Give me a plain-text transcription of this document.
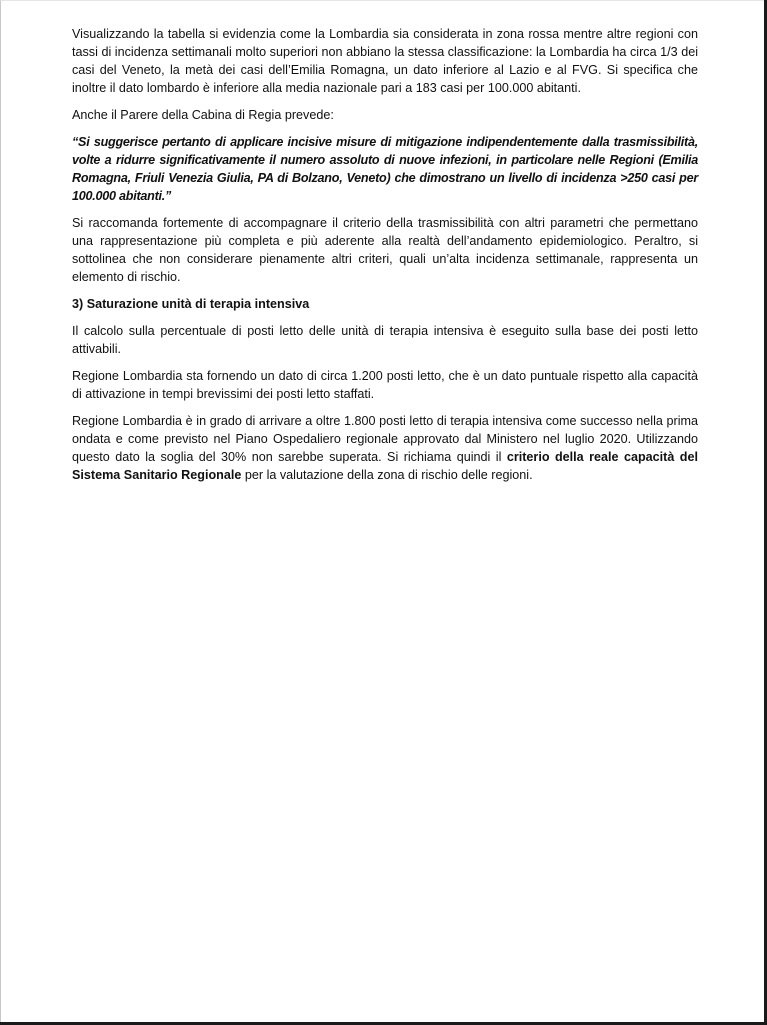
Visualizzando la tabella si evidenzia come la Lombardia sia considerata in zona rossa mentre altre regioni con tassi di incidenza settimanali molto superiori non abbiano la stessa classificazione: la Lombardia ha circa 1/3 dei casi del Veneto, la metà dei casi dell’Emilia Romagna, un dato inferiore al Lazio e al FVG. Si specifica che inoltre il dato lombardo è inferiore alla media nazionale pari a 183 casi per 100.000 abitanti.

Anche il Parere della Cabina di Regia prevede:

“Si suggerisce pertanto di applicare incisive misure di mitigazione indipendentemente dalla trasmissibilità, volte a ridurre significativamente il numero assoluto di nuove infezioni, in particolare nelle Regioni (Emilia Romagna, Friuli Venezia Giulia, PA di Bolzano, Veneto) che dimostrano un livello di incidenza >250 casi per 100.000 abitanti.”

Si raccomanda fortemente di accompagnare il criterio della trasmissibilità con altri parametri che permettano una rappresentazione più completa e più aderente alla realtà dell’andamento epidemiologico. Peraltro, si sottolinea che non considerare pienamente altri criteri, quali un’alta incidenza settimanale, rappresenta un elemento di rischio.

3) Saturazione unità di terapia intensiva

Il calcolo sulla percentuale di posti letto delle unità di terapia intensiva è eseguito sulla base dei posti letto attivabili.

Regione Lombardia sta fornendo un dato di circa 1.200 posti letto, che è un dato puntuale rispetto alla capacità di attivazione in tempi brevissimi dei posti letto staffati.

Regione Lombardia è in grado di arrivare a oltre 1.800 posti letto di terapia intensiva come successo nella prima ondata e come previsto nel Piano Ospedaliero regionale approvato dal Ministero nel luglio 2020. Utilizzando questo dato la soglia del 30% non sarebbe superata. Si richiama quindi il criterio della reale capacità del Sistema Sanitario Regionale per la valutazione della zona di rischio delle regioni.
